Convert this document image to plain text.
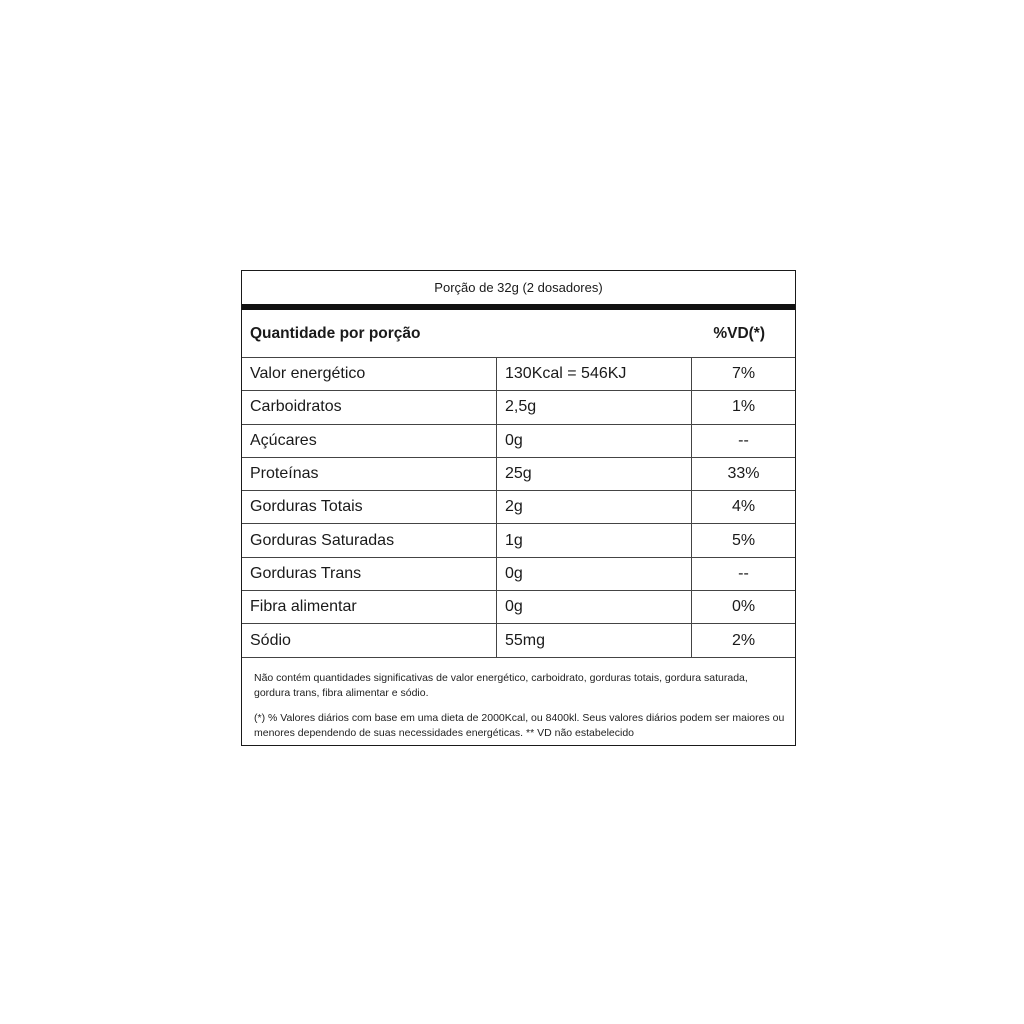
Porção de 32g (2 dosadores)
Quantidade por porção	%VD(*)
Valor energético	130Kcal = 546KJ	7%
Carboidratos	2,5g	1%
Açúcares	0g	--
Proteínas	25g	33%
Gorduras Totais	2g	4%
Gorduras Saturadas	1g	5%
Gorduras Trans	0g	--
Fibra alimentar	0g	0%
Sódio	55mg	2%

Não contém quantidades significativas de valor energético, carboidrato, gorduras totais, gordura saturada, gordura trans, fibra alimentar e sódio.

(*) % Valores diários com base em uma dieta de 2000Kcal, ou 8400kl. Seus valores diários podem ser maiores ou menores dependendo de suas necessidades energéticas. ** VD não estabelecido
